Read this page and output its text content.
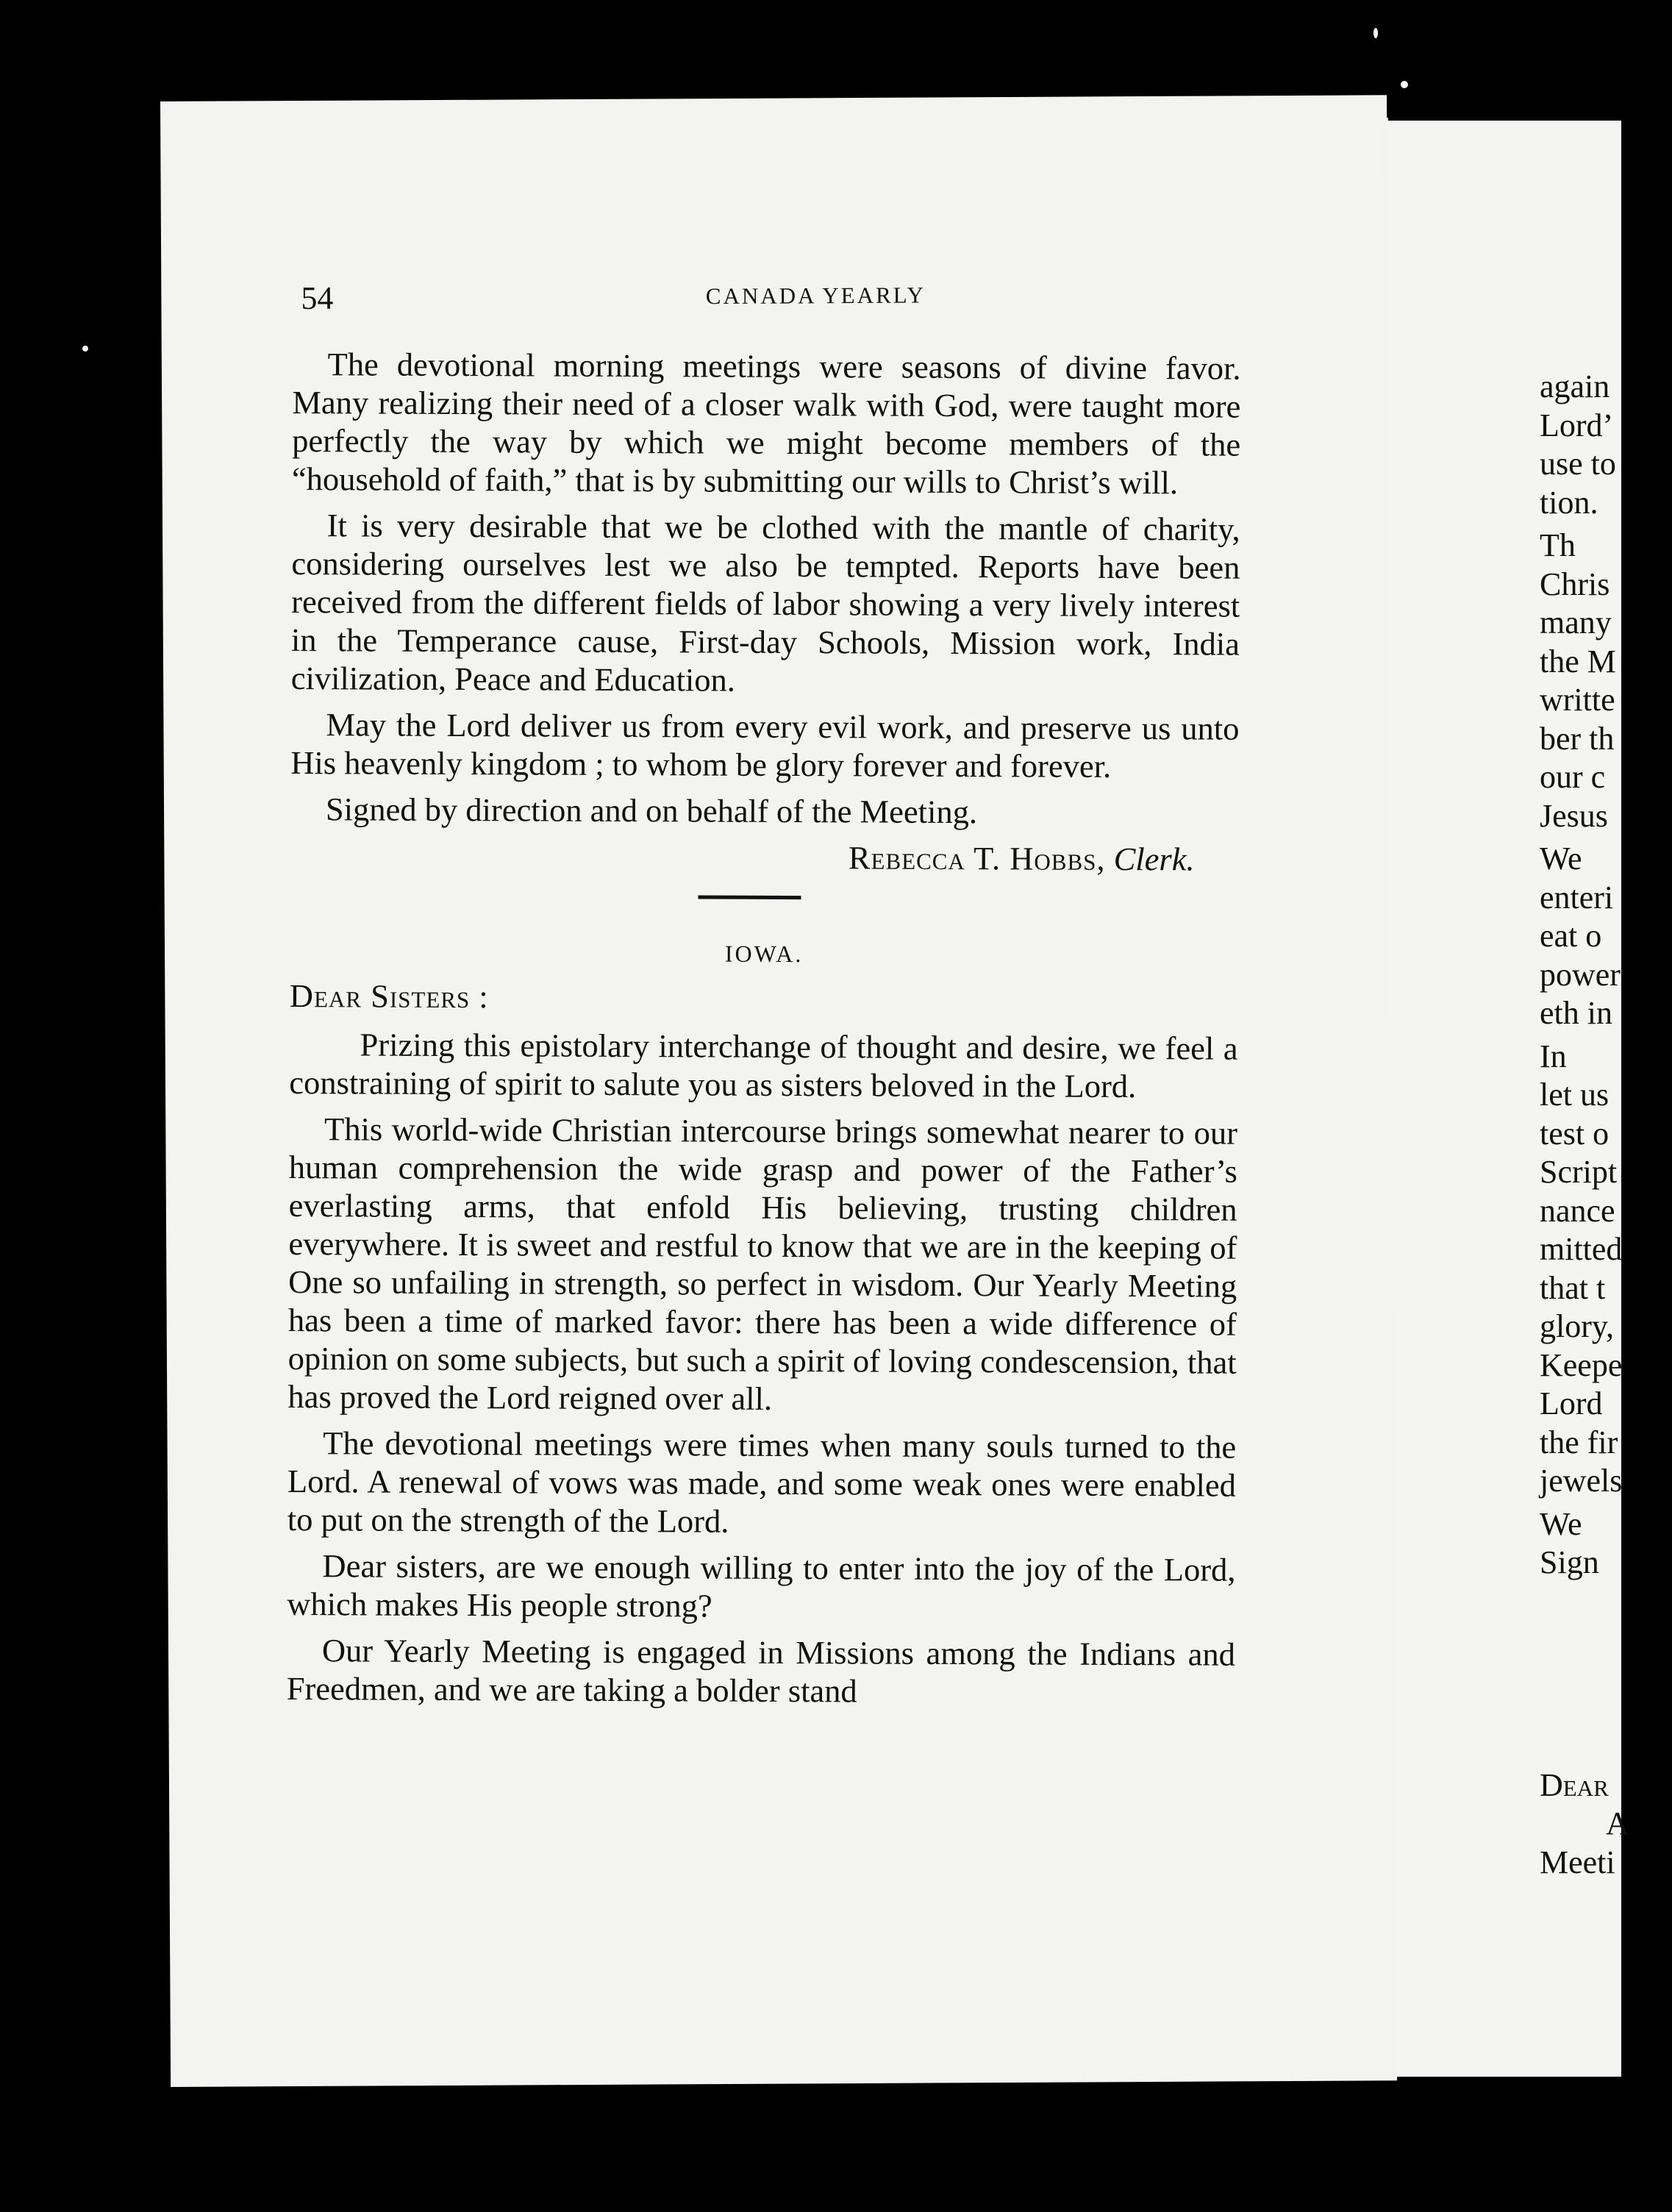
again
Lord’
use to
tion.
Th
Chris
many
the M
writte
ber th
our c
Jesus
We
enteri
eat o
power
eth in
In
let us
test o
Script
nance
mitted
that t
glory,
Keepe
Lord
the fir
jewels
We
Sign
Dear
A
Meeti
54	CANADA YEARLY

The devotional morning meetings were seasons of divine favor. Many realizing their need of a closer walk with God, were taught more perfectly the way by which we might become members of the “household of faith,” that is by submitting our wills to Christ’s will.

It is very desirable that we be clothed with the mantle of charity, considering ourselves lest we also be tempted. Reports have been received from the different fields of labor showing a very lively interest in the Temperance cause, First-day Schools, Mission work, India civilization, Peace and Education.

May the Lord deliver us from every evil work, and preserve us unto His heavenly kingdom ; to whom be glory forever and forever.

Signed by direction and on behalf of the Meeting.

Rebecca T. Hobbs, Clerk.

IOWA.
Dear Sisters :

Prizing this epistolary interchange of thought and desire, we feel a constraining of spirit to salute you as sisters beloved in the Lord.

This world-wide Christian intercourse brings somewhat nearer to our human comprehension the wide grasp and power of the Father’s everlasting arms, that enfold His believing, trusting children everywhere. It is sweet and restful to know that we are in the keeping of One so unfailing in strength, so perfect in wisdom. Our Yearly Meeting has been a time of marked favor: there has been a wide difference of opinion on some subjects, but such a spirit of loving condescension, that has proved the Lord reigned over all.

The devotional meetings were times when many souls turned to the Lord. A renewal of vows was made, and some weak ones were enabled to put on the strength of the Lord.

Dear sisters, are we enough willing to enter into the joy of the Lord, which makes His people strong?

Our Yearly Meeting is engaged in Missions among the Indians and Freedmen, and we are taking a bolder stand
